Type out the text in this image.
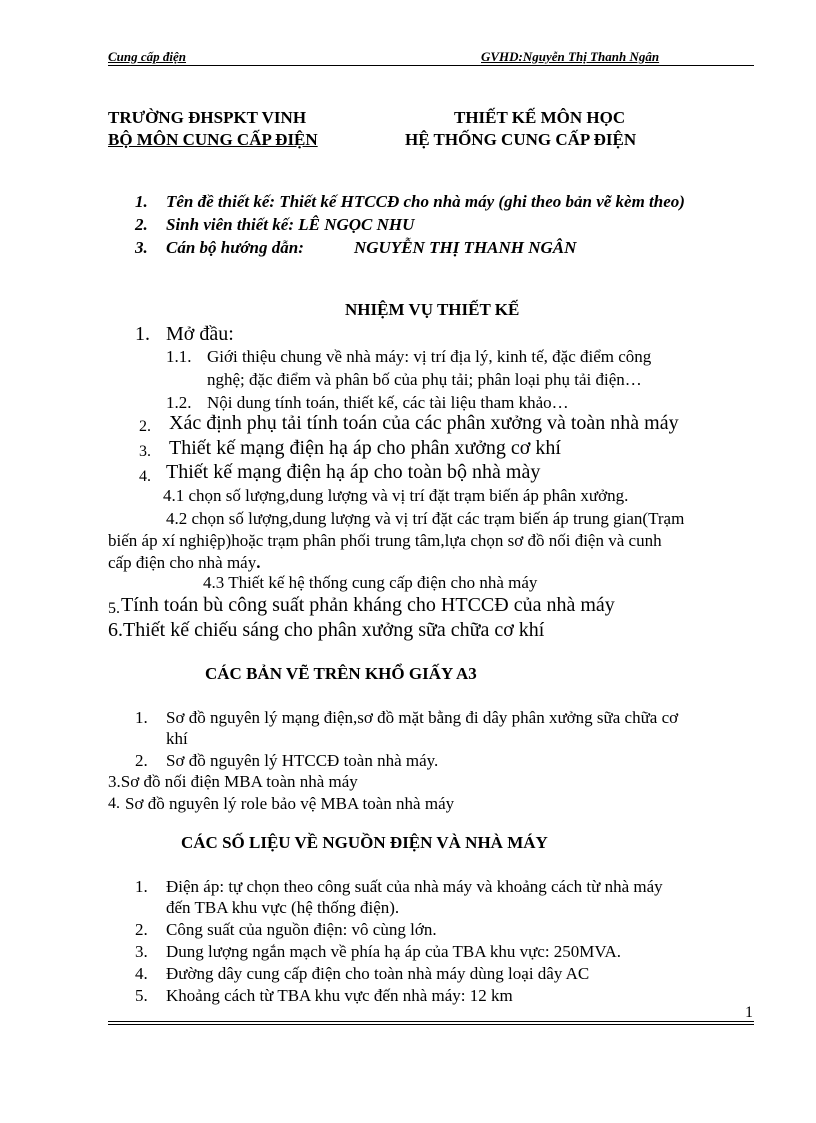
Cung cấp điện	GVHD:Nguyễn Thị Thanh Ngân
TRƯỜNG ĐHSPKT VINH
BỘ MÔN CUNG CẤP ĐIỆN
THIẾT KẾ MÔN HỌC
HỆ THỐNG CUNG CẤP ĐIỆN
1. Tên đề thiết kế: Thiết kế HTCCĐ cho nhà máy (ghi theo bản vẽ kèm theo)
2. Sinh viên thiết kế: LÊ NGỌC NHU
3. Cán bộ hướng dẫn:	NGUYỄN THỊ THANH NGÂN
NHIỆM VỤ THIẾT KẾ
1. Mở đầu:
1.1. Giới thiệu chung về nhà máy: vị trí địa lý, kinh tế, đặc điểm công
nghệ; đặc điểm và phân bố của phụ tải; phân loại phụ tải điện…
1.2. Nội dung tính toán, thiết kế, các tài liệu tham khảo…
2. Xác định phụ tải tính toán của các phân xưởng và toàn nhà máy
3. Thiết kế mạng điện hạ áp cho phân xưởng cơ khí
4. Thiết kế mạng điện hạ áp cho toàn bộ nhà mày
4.1 chọn số lượng,dung lượng và vị trí đặt trạm biến áp phân xưởng.
4.2 chọn số lượng,dung lượng và vị trí đặt các trạm biến áp trung gian(Trạm
biến áp xí nghiệp)hoặc trạm phân phối trung tâm,lựa chọn sơ đồ nối điện và cunh
cấp điện cho nhà máy.
4.3 Thiết kế hệ thống cung cấp điện cho nhà máy
5. Tính toán bù công suất phản kháng cho HTCCĐ của nhà máy
6.Thiết kế chiếu sáng cho phân xưởng sữa chữa cơ khí
CÁC BẢN VẼ TRÊN KHỔ GIẤY A3
1. Sơ đồ nguyên lý mạng điện,sơ đồ mặt bằng đi dây phân xưởng sữa chữa cơ
khí
2. Sơ đồ nguyên lý HTCCĐ toàn nhà máy.
3.Sơ đồ nối điện MBA toàn nhà máy
4. Sơ đồ nguyên lý role bảo vệ MBA toàn nhà máy
CÁC SỐ LIỆU VỀ NGUỒN ĐIỆN VÀ NHÀ MÁY
1. Điện áp: tự chọn theo công suất của nhà máy và khoảng cách từ nhà máy
đến TBA khu vực (hệ thống điện).
2. Công suất của nguồn điện: vô cùng lớn.
3. Dung lượng ngắn mạch về phía hạ áp của TBA khu vực: 250MVA.
4. Đường dây cung cấp điện cho toàn nhà máy dùng loại dây AC
5. Khoảng cách từ TBA khu vực đến nhà máy: 12 km
1
